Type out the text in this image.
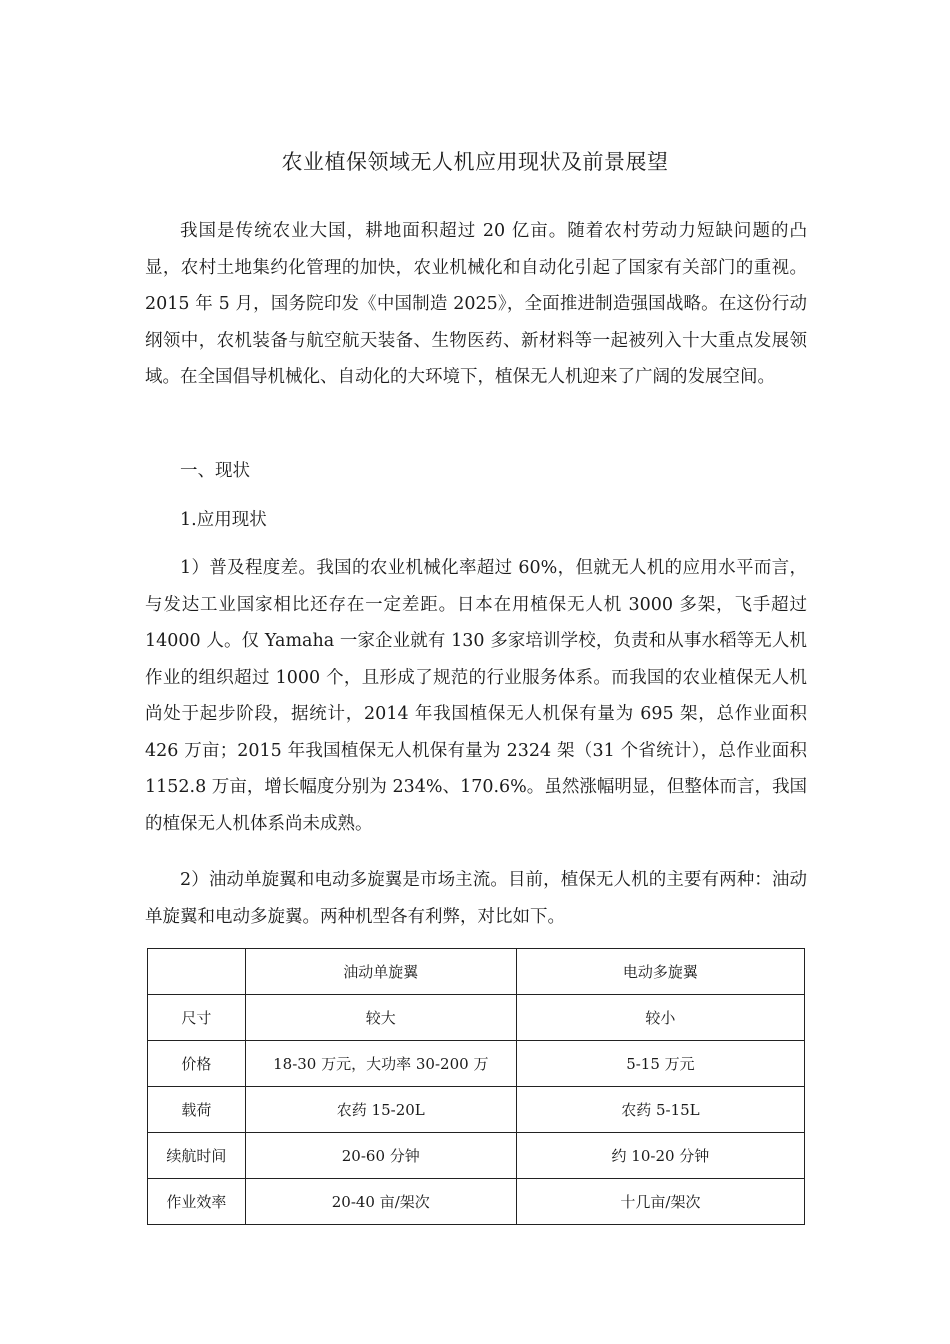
农业植保领域无人机应用现状及前景展望

我国是传统农业大国，耕地面积超过 20 亿亩。随着农村劳动力短缺问题的凸显，农村土地集约化管理的加快，农业机械化和自动化引起了国家有关部门的重视。2015 年 5 月，国务院印发《中国制造 2025》，全面推进制造强国战略。在这份行动纲领中，农机装备与航空航天装备、生物医药、新材料等一起被列入十大重点发展领域。在全国倡导机械化、自动化的大环境下，植保无人机迎来了广阔的发展空间。

一、现状

1.应用现状

1）普及程度差。我国的农业机械化率超过 60%，但就无人机的应用水平而言，与发达工业国家相比还存在一定差距。日本在用植保无人机 3000 多架，飞手超过 14000 人。仅 Yamaha 一家企业就有 130 多家培训学校，负责和从事水稻等无人机作业的组织超过 1000 个，且形成了规范的行业服务体系。而我国的农业植保无人机尚处于起步阶段，据统计，2014 年我国植保无人机保有量为 695 架，总作业面积 426 万亩；2015 年我国植保无人机保有量为 2324 架（31 个省统计），总作业面积 1152.8 万亩，增长幅度分别为 234%、170.6%。虽然涨幅明显，但整体而言，我国的植保无人机体系尚未成熟。

2）油动单旋翼和电动多旋翼是市场主流。目前，植保无人机的主要有两种：油动单旋翼和电动多旋翼。两种机型各有利弊，对比如下。

	油动单旋翼	电动多旋翼
尺寸	较大	较小
价格	18-30 万元，大功率 30-200 万	5-15 万元
载荷	农药 15-20L	农药 5-15L
续航时间	20-60 分钟	约 10-20 分钟
作业效率	20-40 亩/架次	十几亩/架次
